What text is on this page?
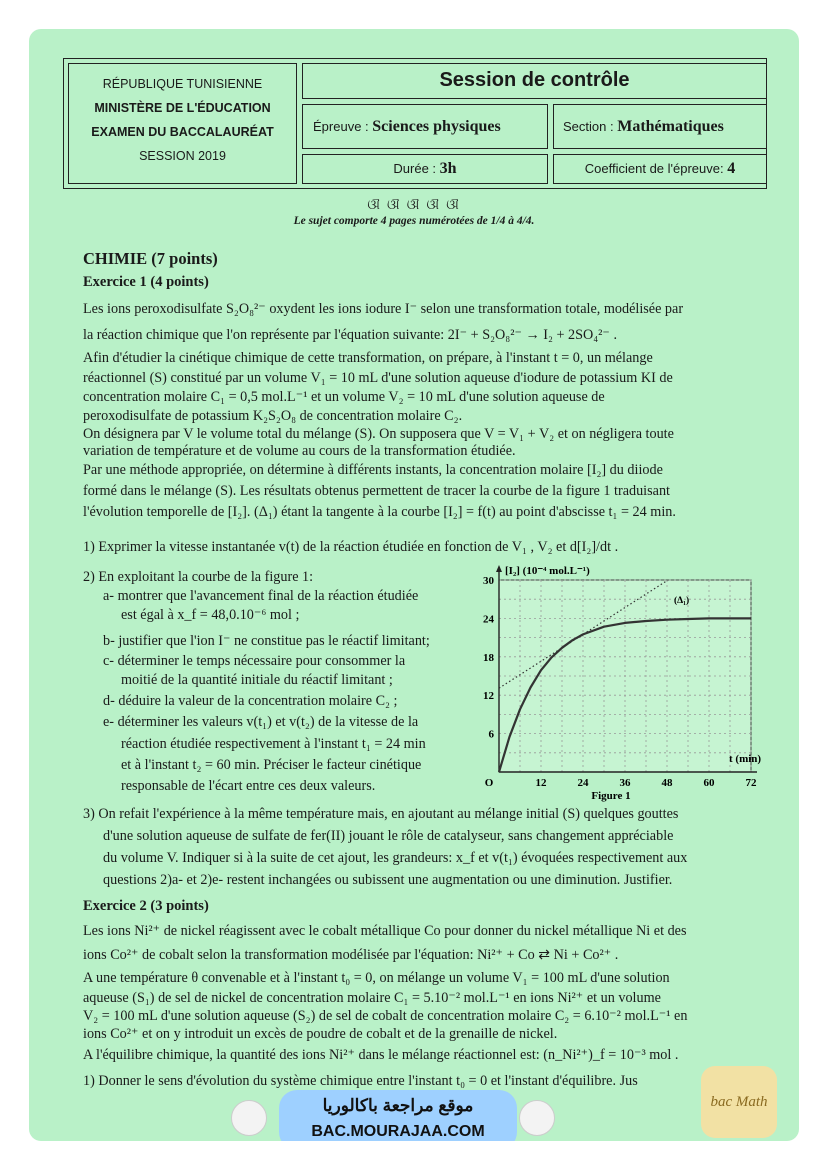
RÉPUBLIQUE TUNISIENNE
MINISTÈRE DE L'ÉDUCATION
EXAMEN DU BACCALAURÉAT
SESSION 2019
Session de contrôle
Épreuve : Sciences physiques	Section : Mathématiques
Durée : 3h	Coefficient de l'épreuve: 4
ଔ ଔ ଔ ଔ ଔ
Le sujet comporte 4 pages numérotées de 1/4 à 4/4.
CHIMIE (7 points)
Exercice 1 (4 points)
Les ions peroxodisulfate S₂O₈²⁻ oxydent les ions iodure I⁻ selon une transformation totale, modélisée par
la réaction chimique que l'on représente par l'équation suivante: 2I⁻ + S₂O₈²⁻ → I₂ + 2SO₄²⁻ .
Afin d'étudier la cinétique chimique de cette transformation, on prépare, à l'instant t = 0, un mélange
réactionnel (S) constitué par un volume V₁ = 10 mL d'une solution aqueuse d'iodure de potassium KI de
concentration molaire C₁ = 0,5 mol.L⁻¹ et un volume V₂ = 10 mL d'une solution aqueuse de
peroxodisulfate de potassium K₂S₂O₈ de concentration molaire C₂.
On désignera par V le volume total du mélange (S). On supposera que V = V₁ + V₂ et on négligera toute
variation de température et de volume au cours de la transformation étudiée.
Par une méthode appropriée, on détermine à différents instants, la concentration molaire [I₂] du diiode
formé dans le mélange (S). Les résultats obtenus permettent de tracer la courbe de la figure 1 traduisant
l'évolution temporelle de [I₂]. (Δ₁) étant la tangente à la courbe [I₂] = f(t) au point d'abscisse t₁ = 24 min.
1) Exprimer la vitesse instantanée v(t) de la réaction étudiée en fonction de V₁ , V₂ et d[I₂]/dt .
2) En exploitant la courbe de la figure 1:
a- montrer que l'avancement final de la réaction étudiée
est égal à x_f = 48,0.10⁻⁶ mol ;
b- justifier que l'ion I⁻ ne constitue pas le réactif limitant;
c- déterminer le temps nécessaire pour consommer la
moitié de la quantité initiale du réactif limitant ;
d- déduire la valeur de la concentration molaire C₂ ;
e- déterminer les valeurs v(t₁) et v(t₂) de la vitesse de la
réaction étudiée respectivement à l'instant t₁ = 24 min
et à l'instant t₂ = 60 min. Préciser le facteur cinétique
responsable de l'écart entre ces deux valeurs.	O	12	24	36	48	60	72
6
12
18
24
30
[I₂] (10⁻⁴ mol.L⁻¹)
t (min)
Figure 1
(Δ₁)
3) On refait l'expérience à la même température mais, en ajoutant au mélange initial (S) quelques gouttes
d'une solution aqueuse de sulfate de fer(II) jouant le rôle de catalyseur, sans changement appréciable
du volume V. Indiquer si à la suite de cet ajout, les grandeurs: x_f et v(t₁) évoquées respectivement aux
questions 2)a- et 2)e- restent inchangées ou subissent une augmentation ou une diminution. Justifier.
Exercice 2 (3 points)
Les ions Ni²⁺ de nickel réagissent avec le cobalt métallique Co pour donner du nickel métallique Ni et des
ions Co²⁺ de cobalt selon la transformation modélisée par l'équation: Ni²⁺ + Co ⇄ Ni + Co²⁺ .
A une température θ convenable et à l'instant t₀ = 0, on mélange un volume V₁ = 100 mL d'une solution
aqueuse (S₁) de sel de nickel de concentration molaire C₁ = 5.10⁻² mol.L⁻¹ en ions Ni²⁺ et un volume
V₂ = 100 mL d'une solution aqueuse (S₂) de sel de cobalt de concentration molaire C₂ = 6.10⁻² mol.L⁻¹ en
ions Co²⁺ et on y introduit un excès de poudre de cobalt et de la grenaille de nickel.
A l'équilibre chimique, la quantité des ions Ni²⁺ dans le mélange réactionnel est: (n_Ni²⁺)_f = 10⁻³ mol .
1) Donner le sens d'évolution du système chimique entre l'instant t₀ = 0 et l'instant d'équilibre. Jus
موقع مراجعة باكالوريا
BAC.MOURAJAA.COM
bac Math
